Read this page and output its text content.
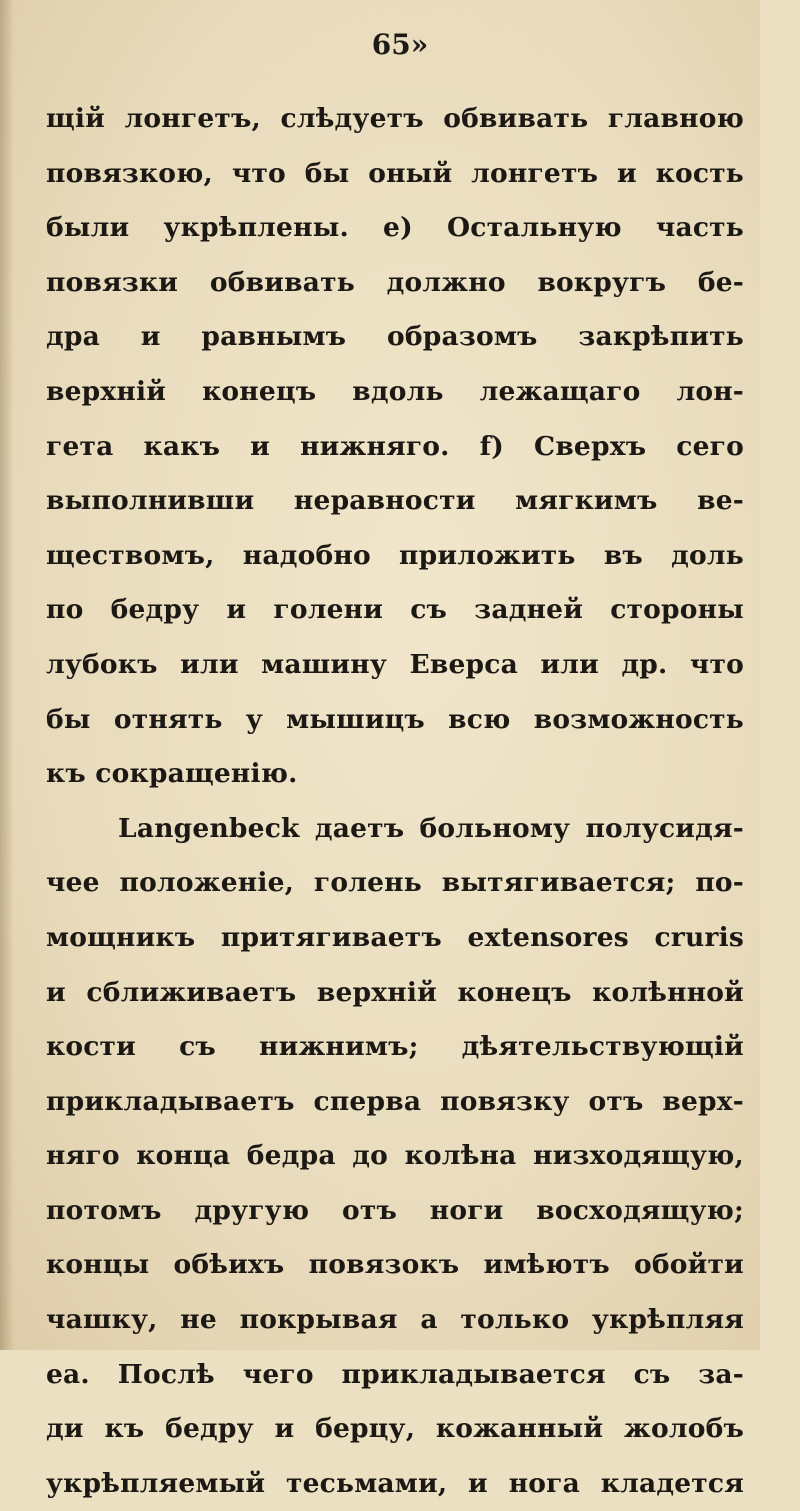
65»
щій лонгетъ, слѣдуетъ обвивать главною
повязкою, что бы оный лонгетъ и кость
были укрѣплены. е) Остальную часть
повязки обвивать должно вокругъ бе-
дра и равнымъ образомъ закрѣпить
верхній конецъ вдоль лежащаго лон-
гета какъ и нижняго. f) Сверхъ сего
выполнивши неравности мягкимъ ве-
ществомъ, надобно приложить въ доль
по бедру и голени съ задней стороны
лубокъ или машину Еверса или др. что
бы отнять у мышицъ всю возможность
къ сокращенію.
Langenbeck даетъ больному полусидя-
чее положеніе, голень вытягивается; по-
мощникъ притягиваетъ extensores cruris
и сближиваетъ верхній конецъ колѣнной
кости съ нижнимъ; дѣятельствующій
прикладываетъ сперва повязку отъ верх-
няго конца бедра до колѣна низходящую,
потомъ другую отъ ноги восходящую;
концы обѣихъ повязокъ имѣютъ обойти
чашку, не покрывая а только укрѣпляя
ea. Послѣ чего прикладывается съ за-
ди къ бедру и берцу, кожанный жолобъ
укрѣпляемый тесьмами, и нога кладется
